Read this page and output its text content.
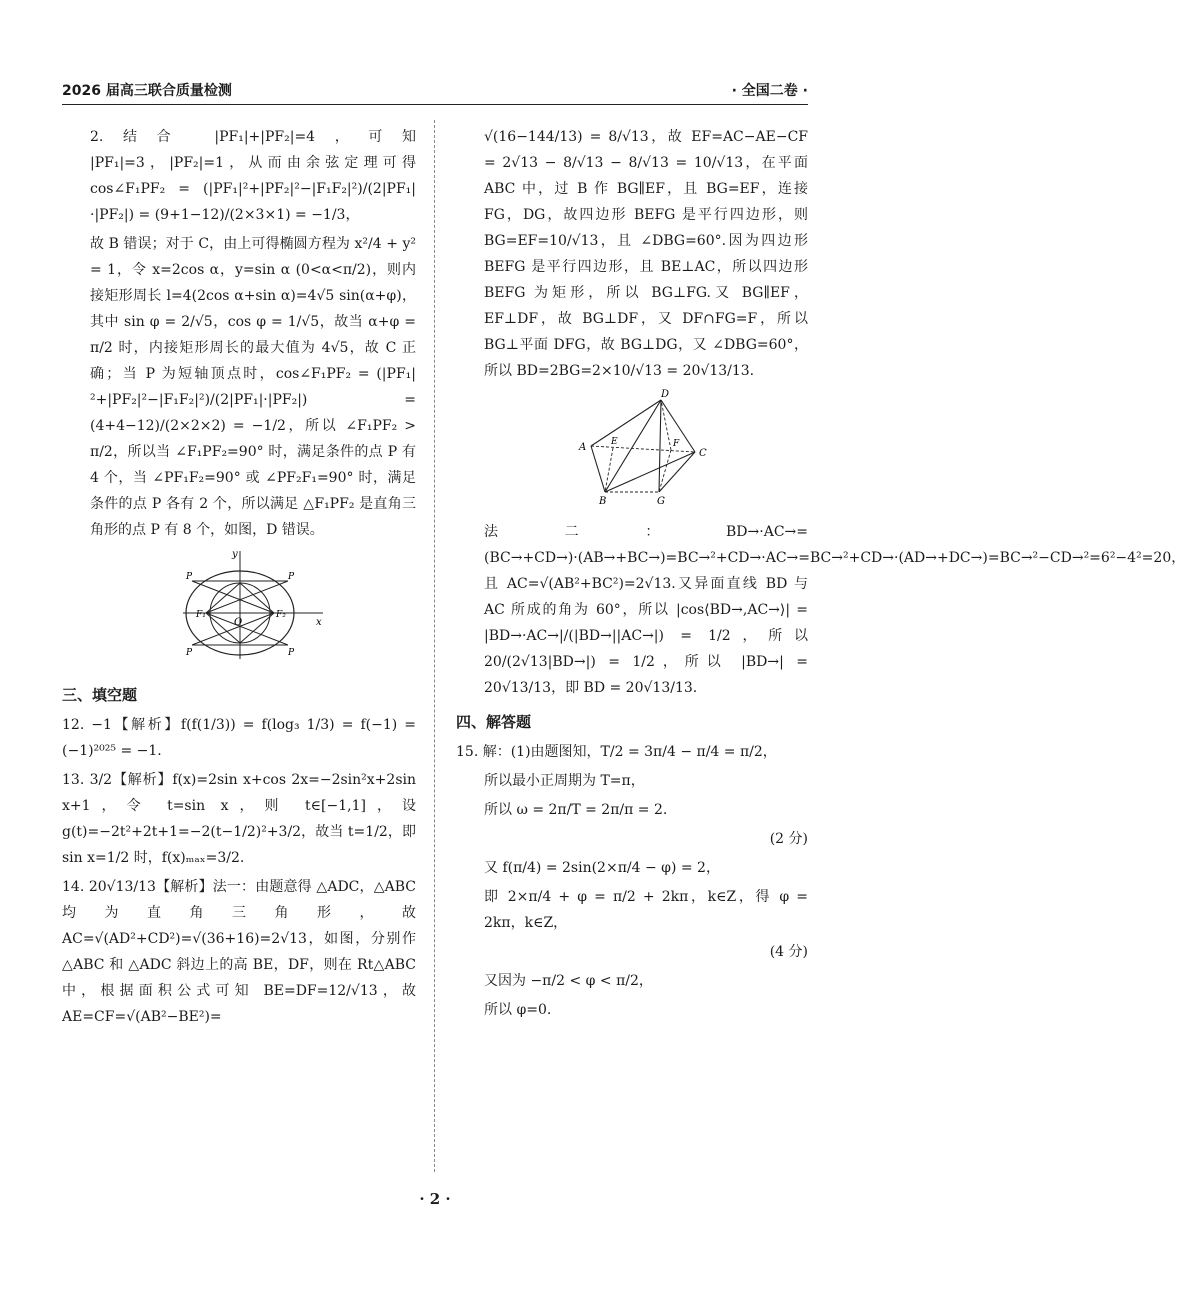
2026 届高三联合质量检测	· 全国二卷 ·

2.结合 |PF₁|+|PF₂|=4，可知 |PF₁|=3，|PF₂|=1，从而由余弦定理可得 cos∠F₁PF₂ = (|PF₁|²+|PF₂|²−|F₁F₂|²)/(2|PF₁|·|PF₂|) = (9+1−12)/(2×3×1) = −1/3，

故 B 错误；对于 C，由上可得椭圆方程为 x²/4 + y² = 1，令 x=2cos α，y=sin α (0<α<π/2)，则内接矩形周长 l=4(2cos α+sin α)=4√5 sin(α+φ)，其中 sin φ = 2/√5，cos φ = 1/√5，故当 α+φ = π/2 时，内接矩形周长的最大值为 4√5，故 C 正确；当 P 为短轴顶点时，cos∠F₁PF₂ = (|PF₁|²+|PF₂|²−|F₁F₂|²)/(2|PF₁|·|PF₂|) = (4+4−12)/(2×2×2) = −1/2，所以 ∠F₁PF₂ > π/2，所以当 ∠F₁PF₂=90° 时，满足条件的点 P 有 4 个，当 ∠PF₁F₂=90° 或 ∠PF₂F₁=90° 时，满足条件的点 P 各有 2 个，所以满足 △F₁PF₂ 是直角三角形的点 P 有 8 个，如图，D 错误。

y
x
O
F₁	F₂
P	P
P	P
三、填空题

12. −1【解析】f(f(1/3)) = f(log₃ 1/3) = f(−1) = (−1)²⁰²⁵ = −1.

13. 3/2【解析】f(x)=2sin x+cos 2x=−2sin²x+2sin x+1，令 t=sin x，则 t∈[−1,1]，设 g(t)=−2t²+2t+1=−2(t−1/2)²+3/2，故当 t=1/2，即 sin x=1/2 时，f(x)ₘₐₓ=3/2.

14. 20√13/13【解析】法一：由题意得 △ADC，△ABC 均为直角三角形，故 AC=√(AD²+CD²)=√(36+16)=2√13，如图，分别作 △ABC 和 △ADC 斜边上的高 BE，DF，则在 Rt△ABC 中，根据面积公式可知 BE=DF=12/√13，故 AE=CF=√(AB²−BE²)=

√(16−144/13) = 8/√13，故 EF=AC−AE−CF = 2√13 − 8/√13 − 8/√13 = 10/√13，在平面 ABC 中，过 B 作 BG∥EF，且 BG=EF，连接 FG，DG，故四边形 BEFG 是平行四边形，则 BG=EF=10/√13，且 ∠DBG=60°.因为四边形 BEFG 是平行四边形，且 BE⊥AC，所以四边形 BEFG 为矩形，所以 BG⊥FG.又 BG∥EF，EF⊥DF，故 BG⊥DF，又 DF∩FG=F，所以 BG⊥平面 DFG，故 BG⊥DG，又 ∠DBG=60°，所以 BD=2BG=2×10/√13 = 20√13/13.

D
A	E	F
C
B	G

法二：BD→·AC→=(BC→+CD→)·(AB→+BC→)=BC→²+CD→·AC→=BC→²+CD→·(AD→+DC→)=BC→²−CD→²=6²−4²=20，且 AC=√(AB²+BC²)=2√13.又异面直线 BD 与 AC 所成的角为 60°，所以 |cos⟨BD→,AC→⟩| = |BD→·AC→|/(|BD→||AC→|) = 1/2，所以 20/(2√13|BD→|) = 1/2，所以 |BD→| = 20√13/13，即 BD = 20√13/13.

四、解答题
15. 解：(1)由题图知，T/2 = 3π/4 − π/4 = π/2，
所以最小正周期为 T=π，
所以 ω = 2π/T = 2π/π = 2.
(2 分)
又 f(π/4) = 2sin(2×π/4 − φ) = 2，
即 2×π/4 + φ = π/2 + 2kπ，k∈Z，得 φ = 2kπ，k∈Z，
(4 分)
又因为 −π/2 < φ < π/2，
所以 φ=0.
· 2 ·
